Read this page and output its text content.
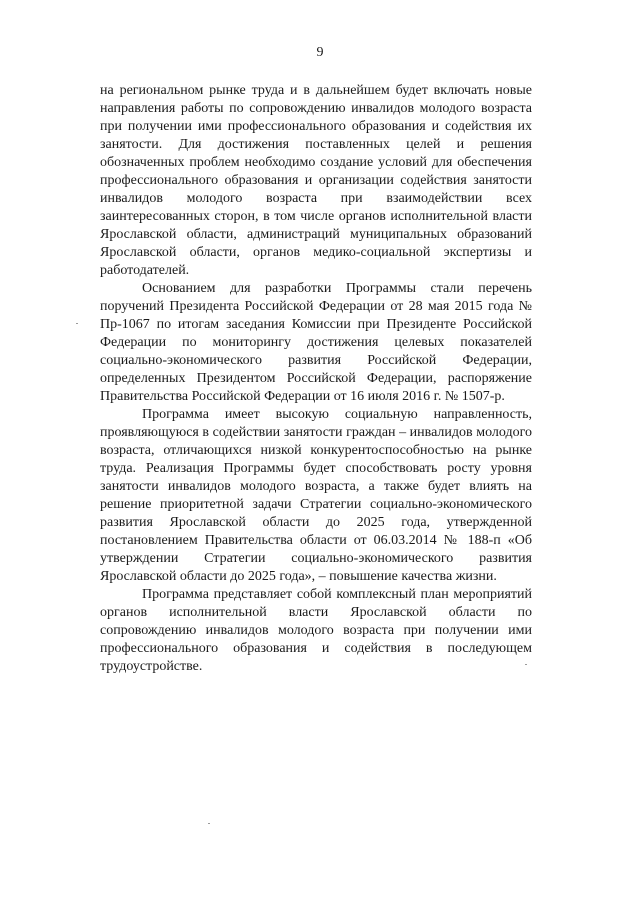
9

на региональном рынке труда и в дальнейшем будет включать новые направления работы по сопровождению инвалидов молодого возраста при получении ими профессионального образования и содействия их занятости. Для достижения поставленных целей и решения обозначенных проблем необходимо создание условий для обеспечения профессионального образования и организации содействия занятости инвалидов молодого возраста при взаимодействии всех заинтересованных сторон, в том числе органов исполнительной власти Ярославской области, администраций муниципальных образований Ярославской области, органов медико-социальной экспертизы и работодателей.

Основанием для разработки Программы стали перечень поручений Президента Российской Федерации от 28 мая 2015 года № Пр-1067 по итогам заседания Комиссии при Президенте Российской Федерации по мониторингу достижения целевых показателей социально-экономического развития Российской Федерации, определенных Президентом Российской Федерации, распоряжение Правительства Российской Федерации от 16 июля 2016 г. № 1507-р.

Программа имеет высокую социальную направленность, проявляющуюся в содействии занятости граждан – инвалидов молодого возраста, отличающихся низкой конкурентоспособностью на рынке труда. Реализация Программы будет способствовать росту уровня занятости инвалидов молодого возраста, а также будет влиять на решение приоритетной задачи Стратегии социально-экономического развития Ярославской области до 2025 года, утвержденной постановлением Правительства области от 06.03.2014 № 188-п «Об утверждении Стратегии социально-экономического развития Ярославской области до 2025 года», – повышение качества жизни.

Программа представляет собой комплексный план мероприятий органов исполнительной власти Ярославской области по сопровождению инвалидов молодого возраста при получении ими профессионального образования и содействия в последующем трудоустройстве.
